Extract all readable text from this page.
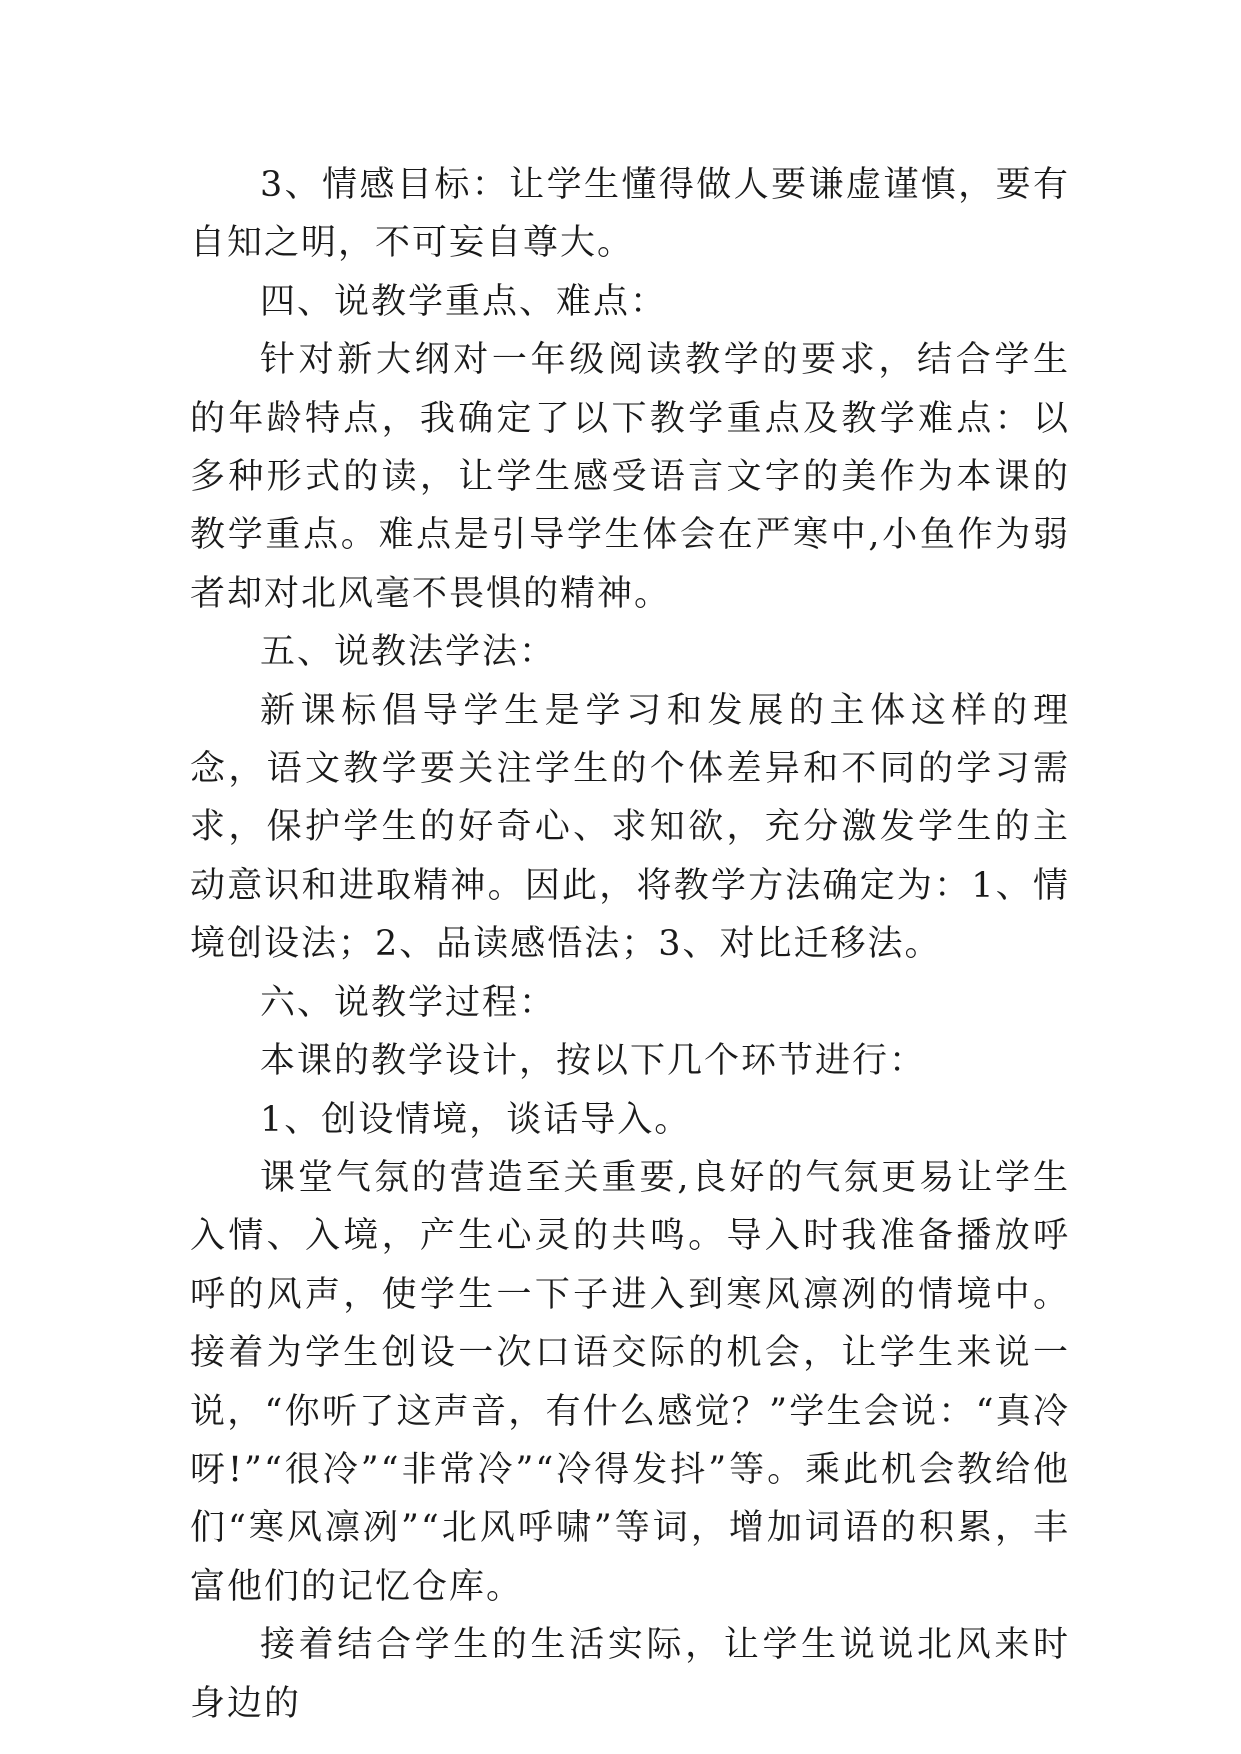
3、情感目标：让学生懂得做人要谦虚谨慎，要有自知之明，不可妄自尊大。

四、说教学重点、难点：

针对新大纲对一年级阅读教学的要求，结合学生的年龄特点，我确定了以下教学重点及教学难点：以多种形式的读，让学生感受语言文字的美作为本课的教学重点。难点是引导学生体会在严寒中,小鱼作为弱者却对北风毫不畏惧的精神。

五、说教法学法：

新课标倡导学生是学习和发展的主体这样的理念，语文教学要关注学生的个体差异和不同的学习需求，保护学生的好奇心、求知欲，充分激发学生的主动意识和进取精神。因此，将教学方法确定为：1、情境创设法；2、品读感悟法；3、对比迁移法。

六、说教学过程：

本课的教学设计，按以下几个环节进行：

1、创设情境，谈话导入。

课堂气氛的营造至关重要,良好的气氛更易让学生入情、入境，产生心灵的共鸣。导入时我准备播放呼呼的风声，使学生一下子进入到寒风凛冽的情境中。接着为学生创设一次口语交际的机会，让学生来说一说，“你听了这声音，有什么感觉？”学生会说：“真冷呀!”“很冷”“非常冷”“冷得发抖”等。乘此机会教给他们“寒风凛冽”“北风呼啸”等词，增加词语的积累，丰富他们的记忆仓库。

接着结合学生的生活实际，让学生说说北风来时身边的
